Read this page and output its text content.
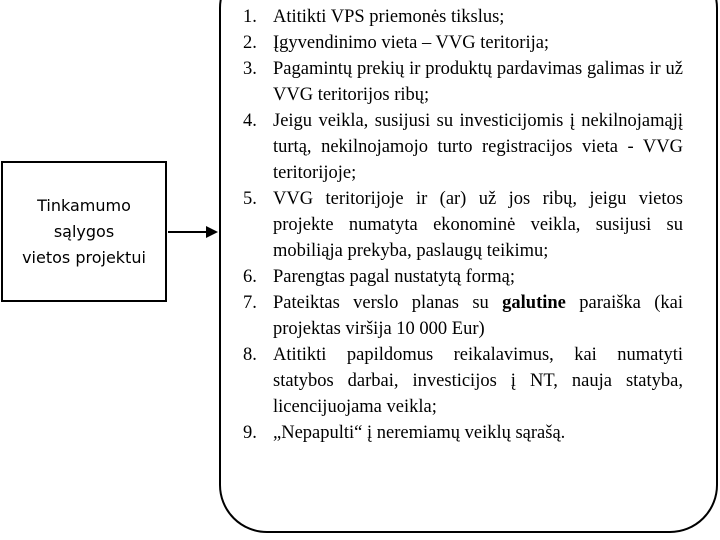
Tinkamumo
sąlygos
vietos projektui
1. Atitikti VPS priemonės tikslus;
2. Įgyvendinimo vieta – VVG teritorija;
3. Pagamintų prekių ir produktų pardavimas galimas ir už VVG teritorijos ribų;
4. Jeigu veikla, susijusi su investicijomis į nekilnojamąjį turtą, nekilnojamojo turto registracijos vieta - VVG teritorijoje;
5. VVG teritorijoje ir (ar) už jos ribų, jeigu vietos projekte numatyta ekonominė veikla, susijusi su mobiliąja prekyba, paslaugų teikimu;
6. Parengtas pagal nustatytą formą;
7. Pateiktas verslo planas su galutine paraiška (kai projektas viršija 10 000 Eur)
8. Atitikti papildomus reikalavimus, kai numatyti statybos darbai, investicijos į NT, nauja statyba, licencijuojama veikla;
9. „Nepapulti“ į neremiamų veiklų sąrašą.
